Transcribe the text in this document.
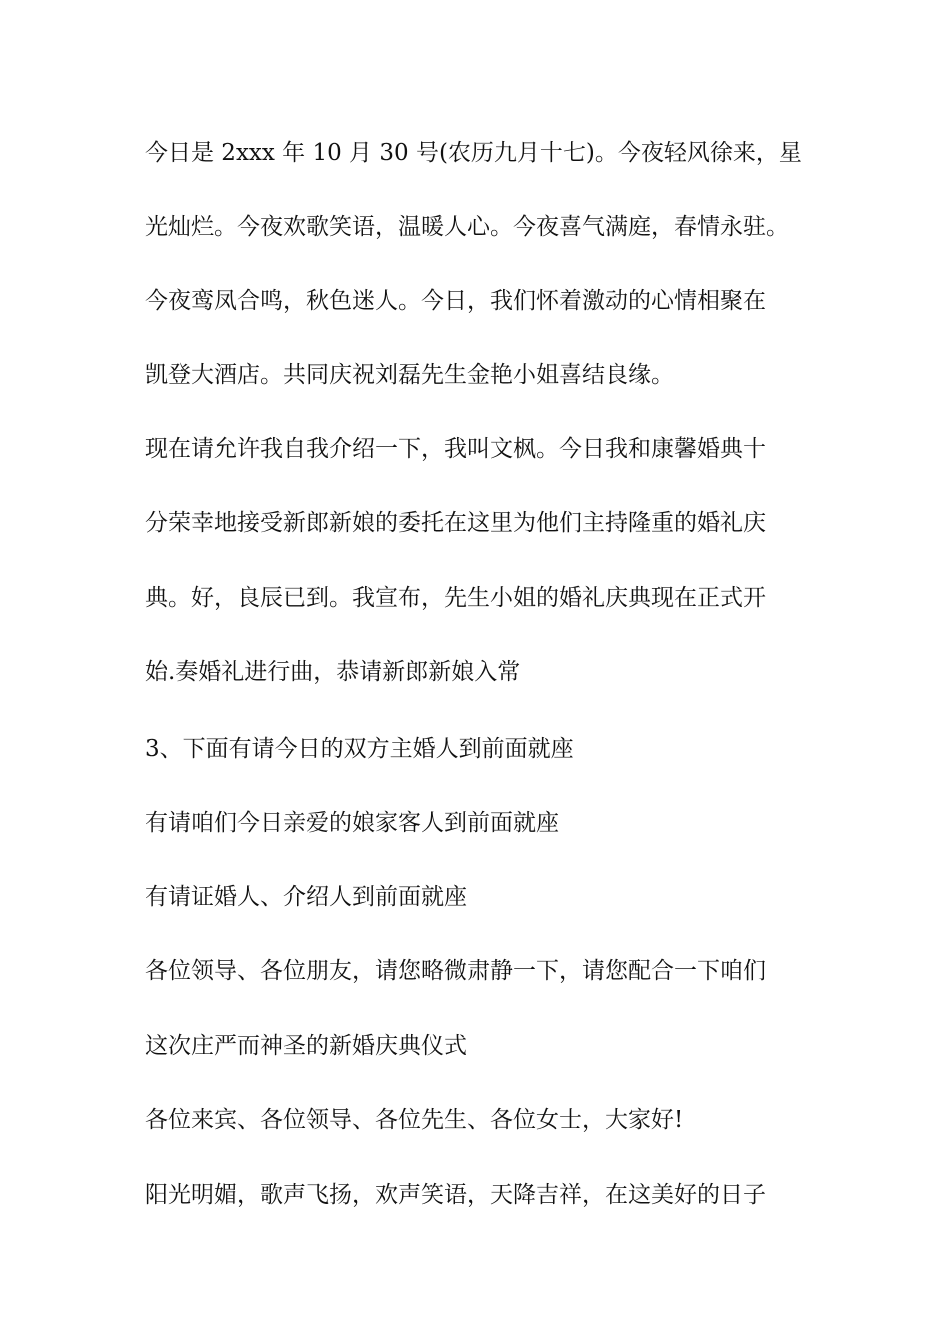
今日是 2xxx 年 10 月 30 号(农历九月十七)。今夜轻风徐来，星
光灿烂。今夜欢歌笑语，温暖人心。今夜喜气满庭，春情永驻。
今夜鸾凤合鸣，秋色迷人。今日，我们怀着激动的心情相聚在
凯登大酒店。共同庆祝刘磊先生金艳小姐喜结良缘。
现在请允许我自我介绍一下，我叫文枫。今日我和康馨婚典十
分荣幸地接受新郎新娘的委托在这里为他们主持隆重的婚礼庆
典。好，良辰已到。我宣布，先生小姐的婚礼庆典现在正式开
始.奏婚礼进行曲，恭请新郎新娘入常
3、下面有请今日的双方主婚人到前面就座
有请咱们今日亲爱的娘家客人到前面就座
有请证婚人、介绍人到前面就座
各位领导、各位朋友，请您略微肃静一下，请您配合一下咱们
这次庄严而神圣的新婚庆典仪式
各位来宾、各位领导、各位先生、各位女士，大家好!
阳光明媚，歌声飞扬，欢声笑语，天降吉祥，在这美好的日子
